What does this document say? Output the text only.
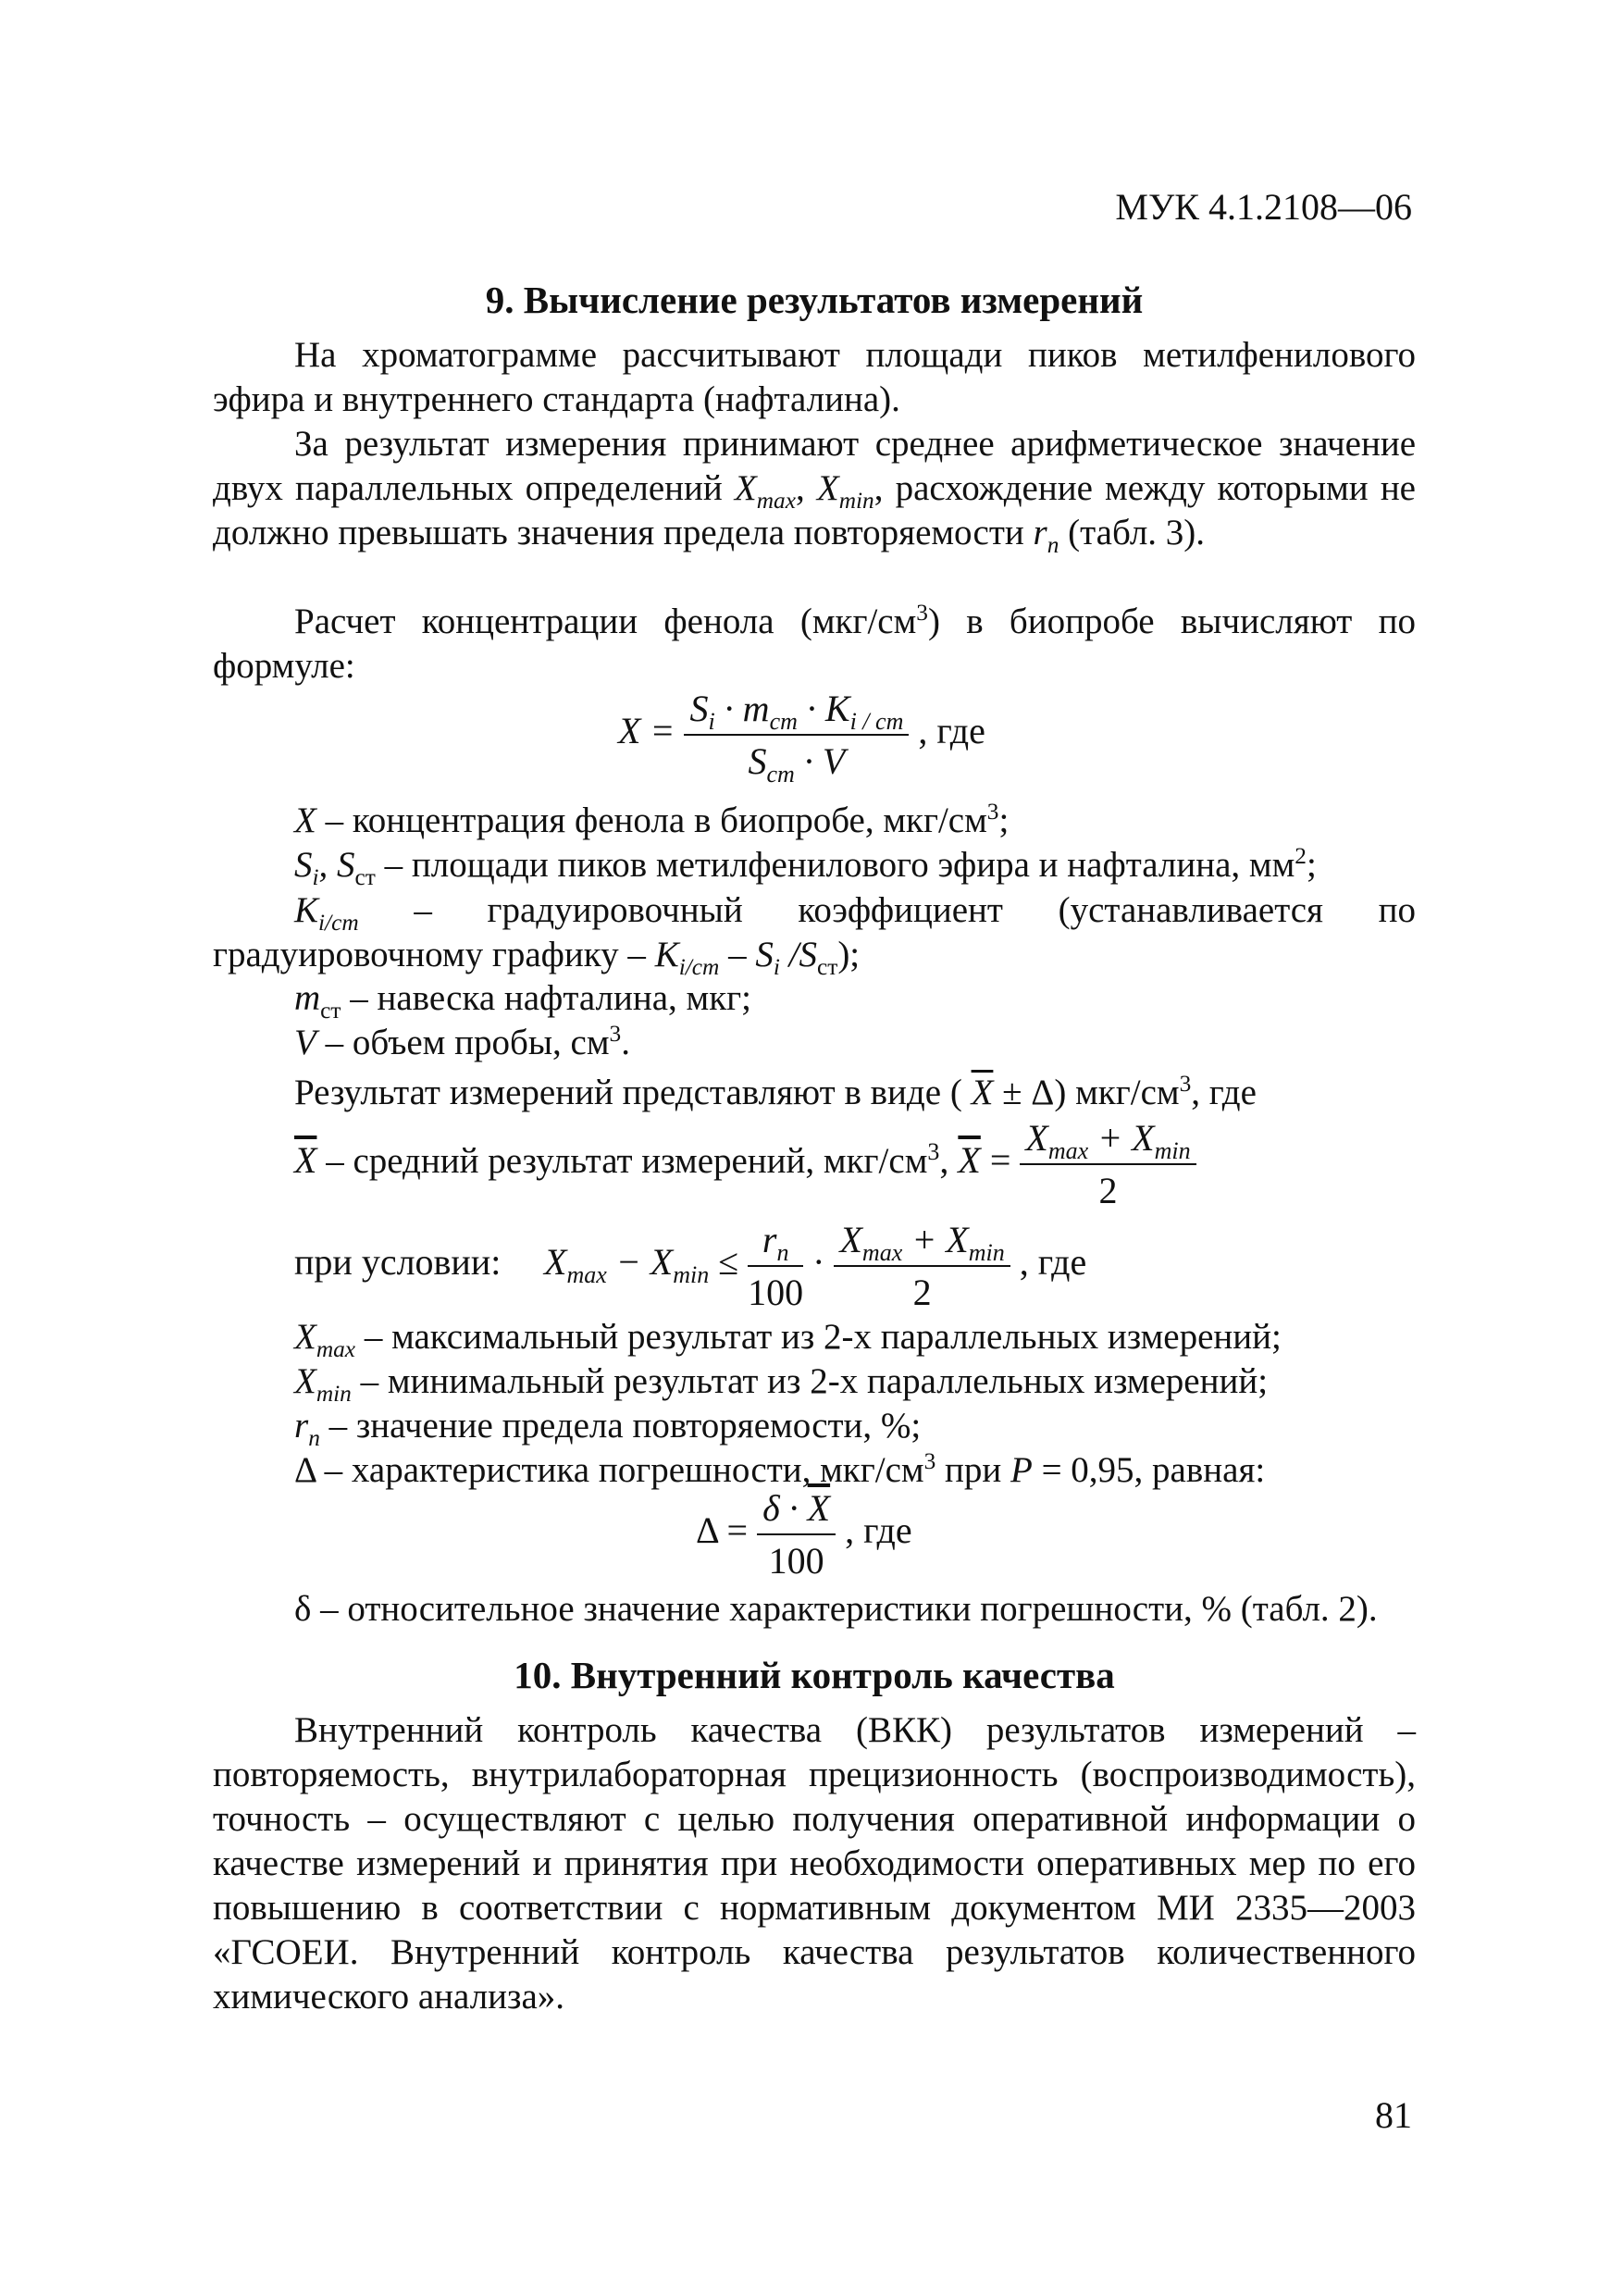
МУК 4.1.2108—06
9. Вычисление результатов измерений
На хроматограмме рассчитывают площади пиков метилфенилового эфира и внутреннего стандарта (нафталина).
За результат измерения принимают среднее арифметическое значение двух параллельных определений $X_{max}$, $X_{min}$, расхождение между которыми не должно превышать значения предела повторяемости $r_n$ (табл. 3).
Расчет концентрации фенола $(мкг/см^3)$ в биопробе вычисляют по формуле:
$X = \frac{S_i \cdot m_{ст} \cdot K_{i / ст}}{S_{ст} \cdot V}$ , где
X – концентрация фенола в биопробе, мкг/$см^3$;
$S_i$, $S_{ст}$ – площади пиков метилфенилового эфира и нафталина, $мм^2$;
$K_{i/ст}$ – градуировочный коэффициент (устанавливается по градуировочному графику – $K_{i/ст} - S_i$ $/S_{ст}$);
$m_{ст}$ – навеска нафталина, мкг;
V – объем пробы, $см^3$.
Результат измерений представляют в виде ( $\overline{X} \pm \Delta$) мкг/$см^3$, где
$\overline{X}$ – средний результат измерений, мкг/$см^3$, $\overline{X} = \frac{X_{max} + X_{min}}{2}$
при условии: $X_{max} - X_{min} \le \frac{r_n}{100} \cdot \frac{X_{max} + X_{min}}{2}$ , где
$X_{max}$ – максимальный результат из 2-х параллельных измерений;
$X_{min}$ – минимальный результат из 2-х параллельных измерений;
$r_n$ – значение предела повторяемости, %;
Δ – характеристика погрешности, мкг/$см^3$ при P = 0,95, равная:
$\Delta = \frac{\delta \cdot \overline{X}}{100}$ , где
δ – относительное значение характеристики погрешности, % (табл. 2).
10. Внутренний контроль качества
Внутренний контроль качества (ВКК) результатов измерений – повторяемость, внутрилабораторная прецизионность (воспроизводимость), точность – осуществляют с целью получения оперативной информации о качестве измерений и принятия при необходимости оперативных мер по его повышению в соответствии с нормативным документом МИ 2335—2003 «ГСОЕИ. Внутренний контроль качества результатов количественного химического анализа».
81
